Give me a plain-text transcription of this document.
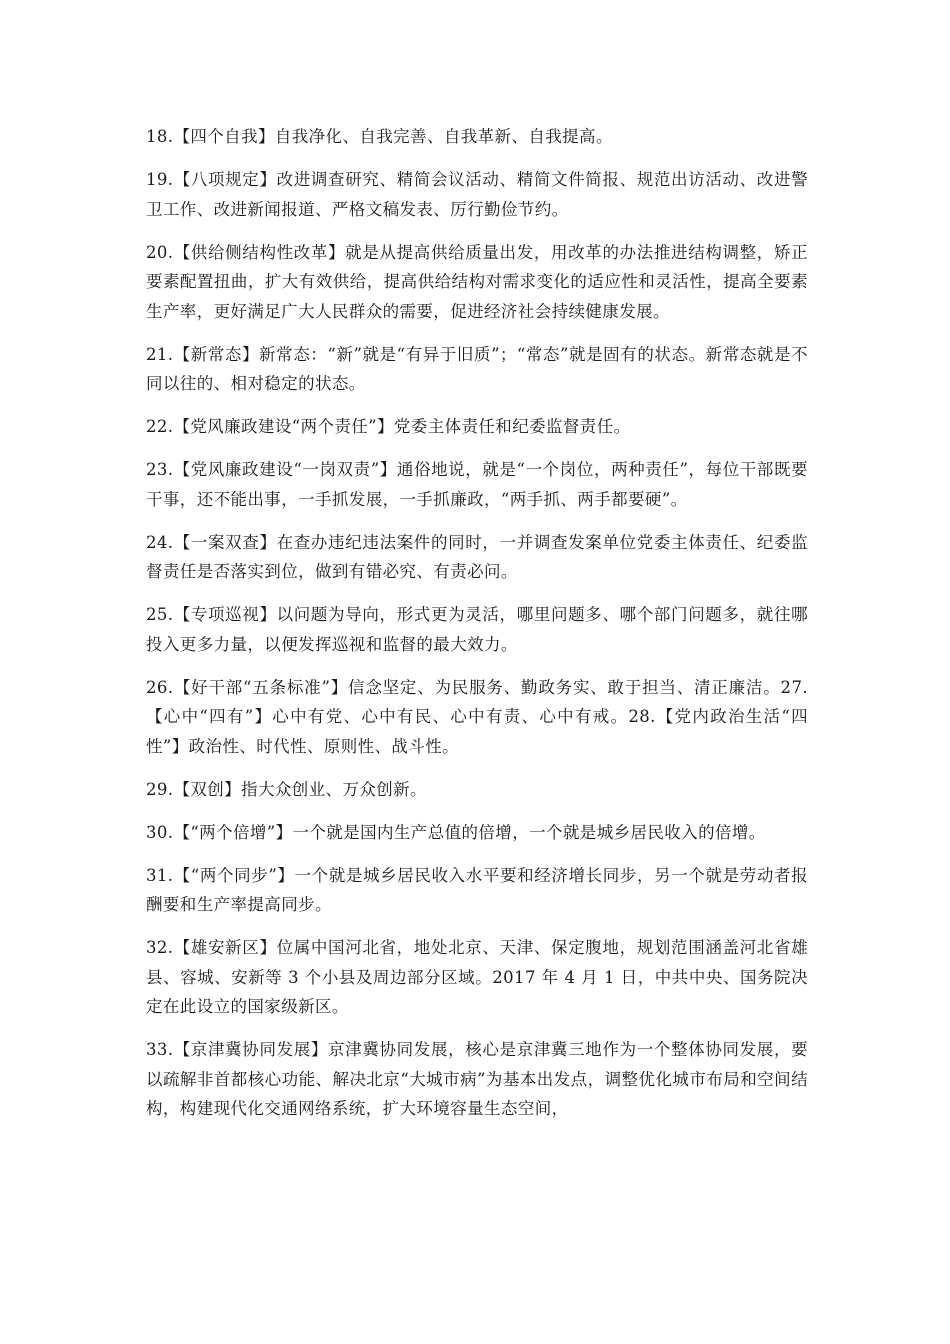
18.【四个自我】自我净化、自我完善、自我革新、自我提高。

19.【八项规定】改进调查研究、精简会议活动、精简文件简报、规范出访活动、改进警卫工作、改进新闻报道、严格文稿发表、厉行勤俭节约。

20.【供给侧结构性改革】就是从提高供给质量出发，用改革的办法推进结构调整，矫正要素配置扭曲，扩大有效供给，提高供给结构对需求变化的适应性和灵活性，提高全要素生产率，更好满足广大人民群众的需要，促进经济社会持续健康发展。

21.【新常态】新常态：“新”就是“有异于旧质”；“常态”就是固有的状态。新常态就是不同以往的、相对稳定的状态。

22.【党风廉政建设“两个责任”】党委主体责任和纪委监督责任。

23.【党风廉政建设“一岗双责”】通俗地说，就是“一个岗位，两种责任”，每位干部既要干事，还不能出事，一手抓发展，一手抓廉政，“两手抓、两手都要硬”。

24.【一案双查】在查办违纪违法案件的同时，一并调查发案单位党委主体责任、纪委监督责任是否落实到位，做到有错必究、有责必问。

25.【专项巡视】以问题为导向，形式更为灵活，哪里问题多、哪个部门问题多，就往哪投入更多力量，以便发挥巡视和监督的最大效力。

26.【好干部“五条标准”】信念坚定、为民服务、勤政务实、敢于担当、清正廉洁。27.【心中“四有”】心中有党、心中有民、心中有责、心中有戒。28.【党内政治生活“四性”】政治性、时代性、原则性、战斗性。

29.【双创】指大众创业、万众创新。

30.【“两个倍增”】一个就是国内生产总值的倍增，一个就是城乡居民收入的倍增。

31.【“两个同步”】一个就是城乡居民收入水平要和经济增长同步，另一个就是劳动者报酬要和生产率提高同步。

32.【雄安新区】位属中国河北省，地处北京、天津、保定腹地，规划范围涵盖河北省雄县、容城、安新等 3 个小县及周边部分区域。2017 年 4 月 1 日，中共中央、国务院决定在此设立的国家级新区。

33.【京津冀协同发展】京津冀协同发展，核心是京津冀三地作为一个整体协同发展，要以疏解非首都核心功能、解决北京“大城市病”为基本出发点，调整优化城市布局和空间结构，构建现代化交通网络系统，扩大环境容量生态空间，
